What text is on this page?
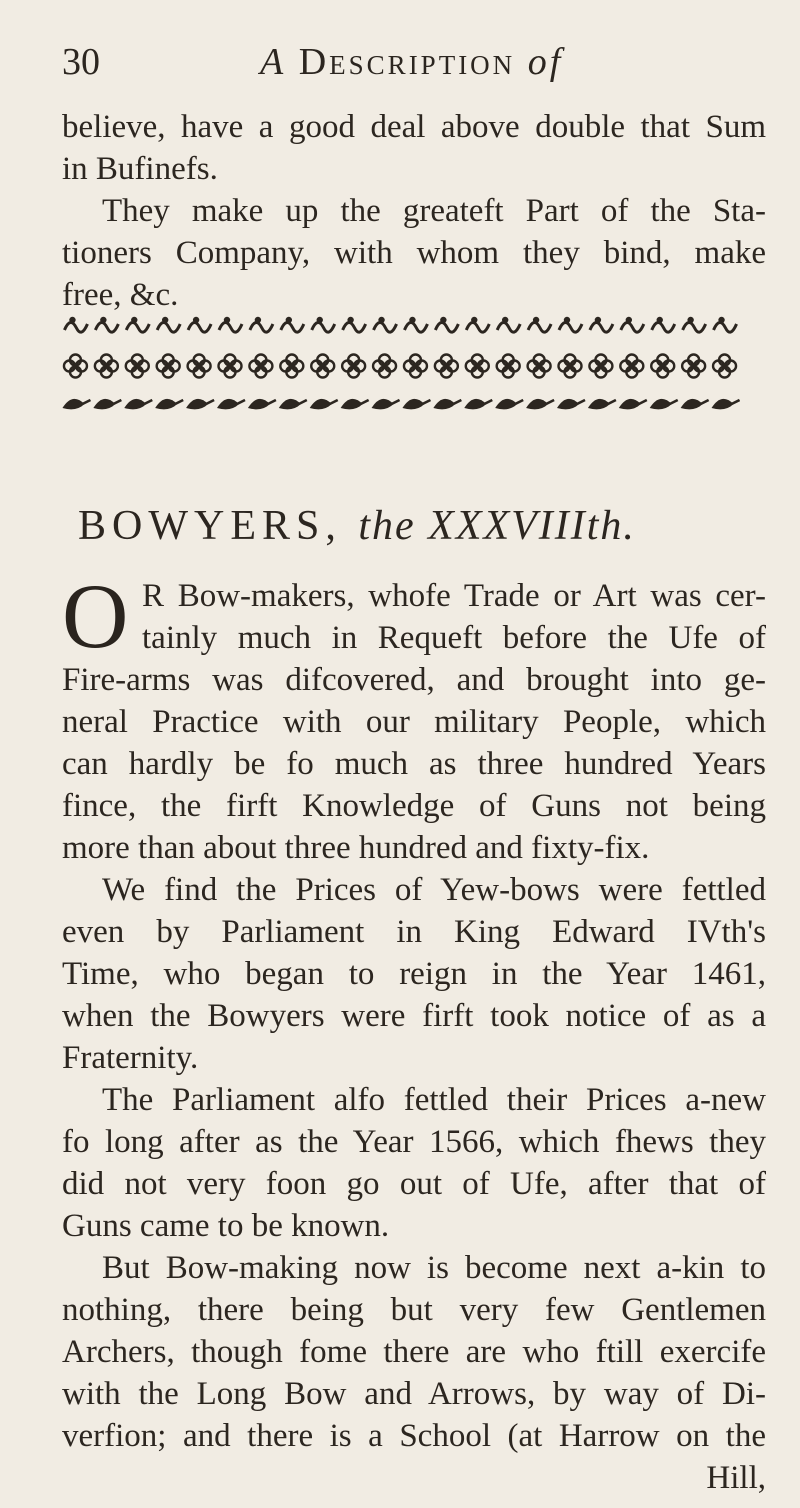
30	A Description of
believe, have a good deal above double that Sum
in Bufinefs.
They make up the greateft Part of the Sta-
tioners Company, with whom they bind, make
free, &c.
BOWYERS, the XXXVIIIth.
O R Bow-makers, whofe Trade or Art was cer-
tainly much in Requeft before the Ufe of
Fire-arms was difcovered, and brought into ge-
neral Practice with our military People, which
can hardly be fo much as three hundred Years
fince, the firft Knowledge of Guns not being
more than about three hundred and fixty-fix.
We find the Prices of Yew-bows were fettled
even by Parliament in King Edward IVth's
Time, who began to reign in the Year 1461,
when the Bowyers were firft took notice of as a
Fraternity.
The Parliament alfo fettled their Prices a-new
fo long after as the Year 1566, which fhews they
did not very foon go out of Ufe, after that of
Guns came to be known.
But Bow-making now is become next a-kin to
nothing, there being but very few Gentlemen
Archers, though fome there are who ftill exercife
with the Long Bow and Arrows, by way of Di-
verfion; and there is a School (at Harrow on the
Hill,
